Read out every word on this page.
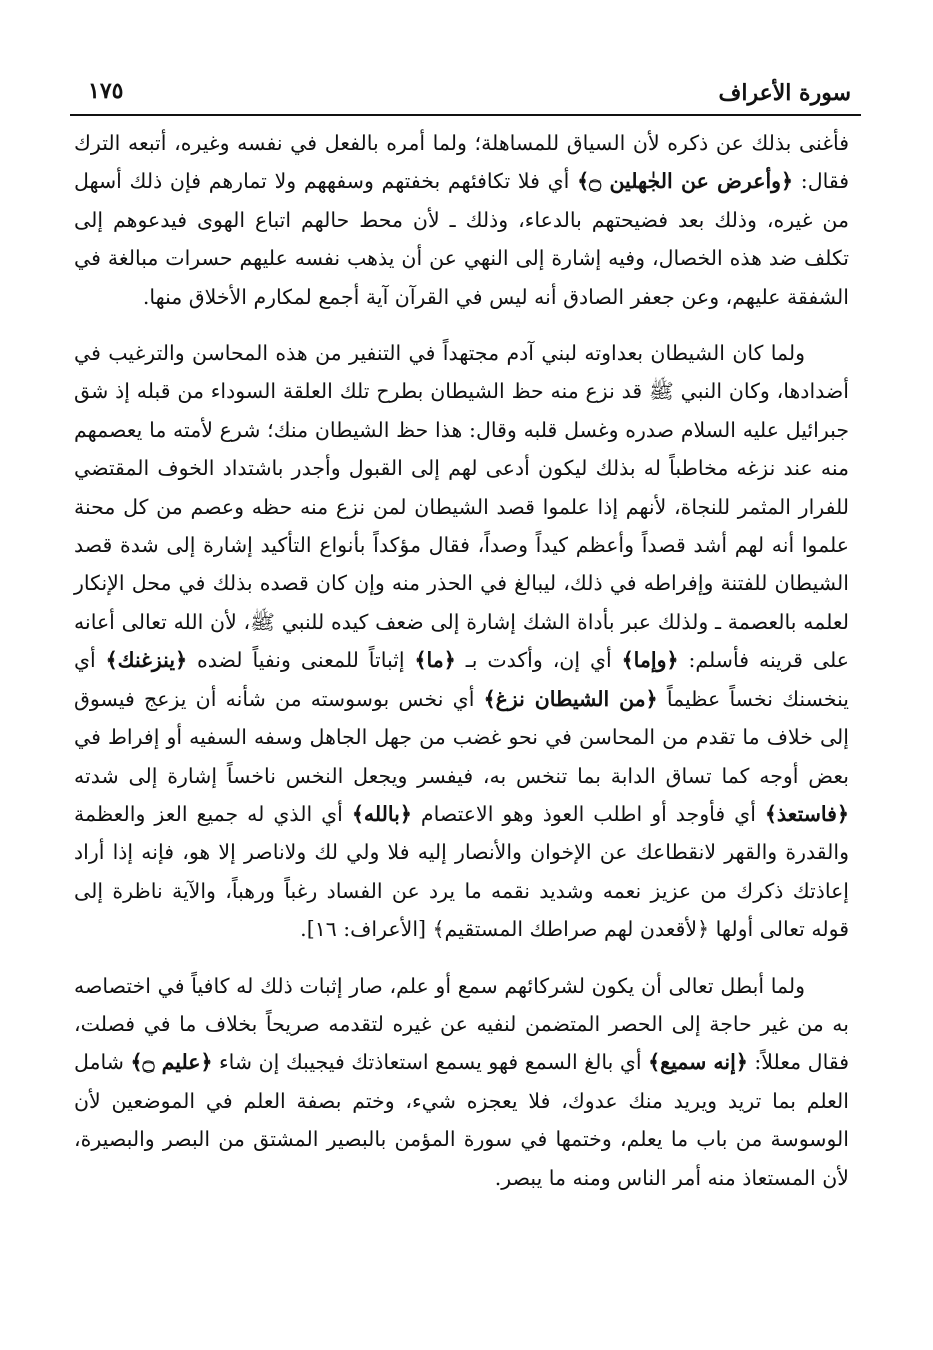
سورة الأعراف
١٧٥

فأغنى بذلك عن ذكره لأن السياق للمساهلة؛ ولما أمره بالفعل في نفسه وغيره، أتبعه الترك فقال: ﴿وأعرض عن الجٰهلين ۝﴾ أي فلا تكافئهم بخفتهم وسفههم ولا تمارهم فإن ذلك أسهل من غيره، وذلك بعد فضيحتهم بالدعاء، وذلك ـ لأن محط حالهم اتباع الهوى فيدعوهم إلى تكلف ضد هذه الخصال، وفيه إشارة إلى النهي عن أن يذهب نفسه عليهم حسرات مبالغة في الشفقة عليهم، وعن جعفر الصادق أنه ليس في القرآن آية أجمع لمكارم الأخلاق منها.

ولما كان الشيطان بعداوته لبني آدم مجتهداً في التنفير من هذه المحاسن والترغيب في أضدادها، وكان النبي ﷺ قد نزع منه حظ الشيطان بطرح تلك العلقة السوداء من قبله إذ شق جبرائيل عليه السلام صدره وغسل قلبه وقال: هذا حظ الشيطان منك؛ شرع لأمته ما يعصمهم منه عند نزغه مخاطباً له بذلك ليكون أدعى لهم إلى القبول وأجدر باشتداد الخوف المقتضي للفرار المثمر للنجاة، لأنهم إذا علموا قصد الشيطان لمن نزع منه حظه وعصم من كل محنة علموا أنه لهم أشد قصداً وأعظم كيداً وصداً، فقال مؤكداً بأنواع التأكيد إشارة إلى شدة قصد الشيطان للفتنة وإفراطه في ذلك، ليبالغ في الحذر منه وإن كان قصده بذلك في محل الإنكار لعلمه بالعصمة ـ ولذلك عبر بأداة الشك إشارة إلى ضعف كيده للنبي ﷺ، لأن الله تعالى أعانه على قرينه فأسلم: ﴿وإما﴾ أي إن، وأكدت بـ ﴿ما﴾ إثباتاً للمعنى ونفياً لضده ﴿ينزغنك﴾ أي ينخسنك نخساً عظيماً ﴿من الشيطان نزغ﴾ أي نخس بوسوسته من شأنه أن يزعج فيسوق إلى خلاف ما تقدم من المحاسن في نحو غضب من جهل الجاهل وسفه السفيه أو إفراط في بعض أوجه كما تساق الدابة بما تنخس به، فيفسر ويجعل النخس ناخساً إشارة إلى شدته ﴿فاستعذ﴾ أي فأوجد أو اطلب العوذ وهو الاعتصام ﴿بالله﴾ أي الذي له جميع العز والعظمة والقدرة والقهر لانقطاعك عن الإخوان والأنصار إليه فلا ولي لك ولاناصر إلا هو، فإنه إذا أراد إعاذتك ذكرك من عزيز نعمه وشديد نقمه ما يرد عن الفساد رغباً ورهباً، والآية ناظرة إلى قوله تعالى أولها ﴿لأقعدن لهم صراطك المستقيم﴾ [الأعراف: ١٦].

ولما أبطل تعالى أن يكون لشركائهم سمع أو علم، صار إثبات ذلك له كافياً في اختصاصه به من غير حاجة إلى الحصر المتضمن لنفيه عن غيره لتقدمه صريحاً بخلاف ما في فصلت، فقال معللاً: ﴿إنه سميع﴾ أي بالغ السمع فهو يسمع استعاذتك فيجيبك إن شاء ﴿عليم ۝﴾ شامل العلم بما تريد ويريد منك عدوك، فلا يعجزه شيء، وختم بصفة العلم في الموضعين لأن الوسوسة من باب ما يعلم، وختمها في سورة المؤمن بالبصير المشتق من البصر والبصيرة، لأن المستعاذ منه أمر الناس ومنه ما يبصر.
